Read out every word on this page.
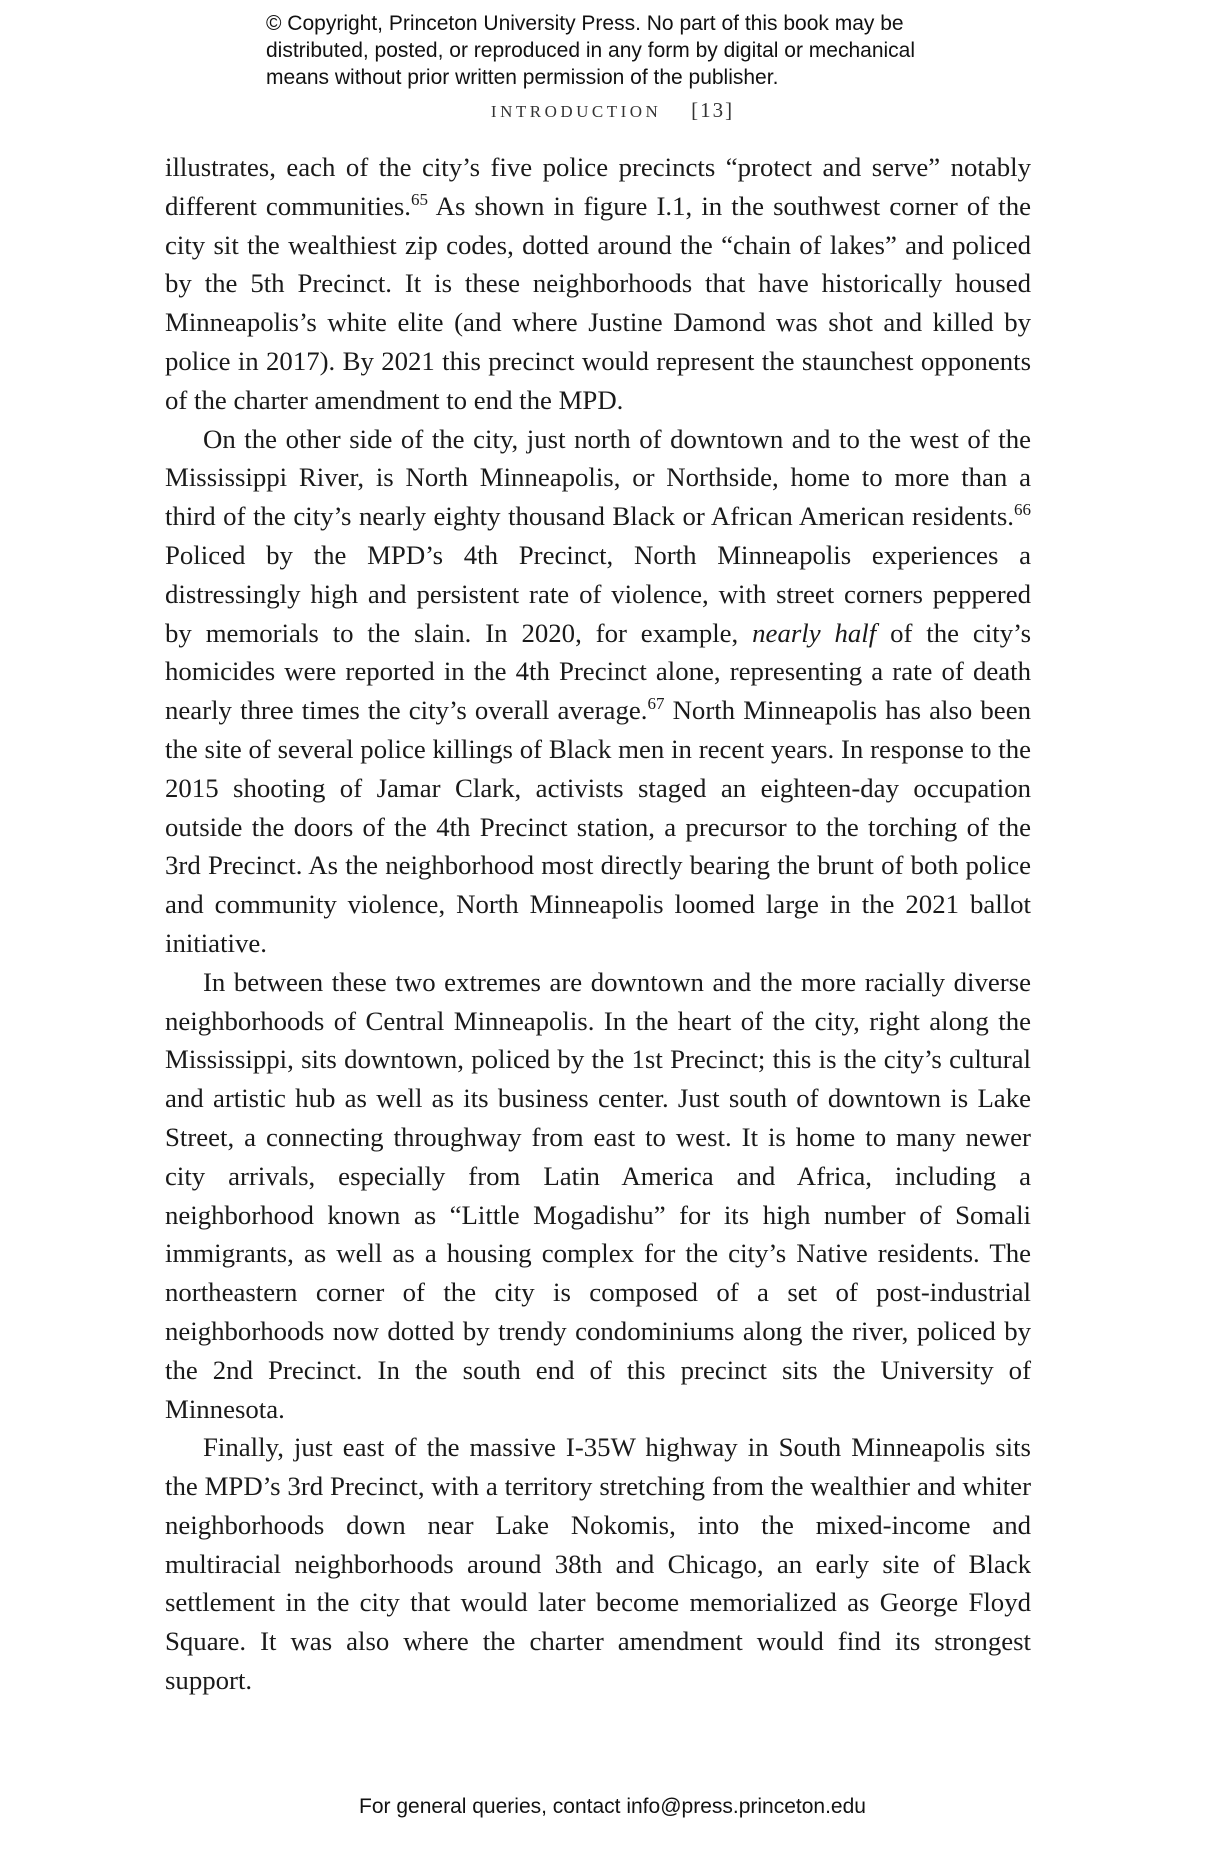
© Copyright, Princeton University Press. No part of this book may be
distributed, posted, or reproduced in any form by digital or mechanical
means without prior written permission of the publisher.
INTRODUCTION [13]

illustrates, each of the city’s five police precincts “protect and serve” notably different communities.$^{65}$ As shown in figure I.1, in the southwest corner of the city sit the wealthiest zip codes, dotted around the “chain of lakes” and policed by the 5th Precinct. It is these neighborhoods that have historically housed Minneapolis’s white elite (and where Justine Damond was shot and killed by police in 2017). By 2021 this precinct would represent the staunchest opponents of the charter amendment to end the MPD.

On the other side of the city, just north of downtown and to the west of the Mississippi River, is North Minneapolis, or Northside, home to more than a third of the city’s nearly eighty thousand Black or African American residents.$^{66}$ Policed by the MPD’s 4th Precinct, North Minneapolis experiences a distressingly high and persistent rate of violence, with street corners peppered by memorials to the slain. In 2020, for example, nearly half of the city’s homicides were reported in the 4th Precinct alone, representing a rate of death nearly three times the city’s overall average.$^{67}$ North Minneapolis has also been the site of several police killings of Black men in recent years. In response to the 2015 shooting of Jamar Clark, activists staged an eighteen-day occupation outside the doors of the 4th Precinct station, a precursor to the torching of the 3rd Precinct. As the neighborhood most directly bearing the brunt of both police and community violence, North Minneapolis loomed large in the 2021 ballot initiative.

In between these two extremes are downtown and the more racially diverse neighborhoods of Central Minneapolis. In the heart of the city, right along the Mississippi, sits downtown, policed by the 1st Precinct; this is the city’s cultural and artistic hub as well as its business center. Just south of downtown is Lake Street, a connecting throughway from east to west. It is home to many newer city arrivals, especially from Latin America and Africa, including a neighborhood known as “Little Mogadishu” for its high number of Somali immigrants, as well as a housing complex for the city’s Native residents. The northeastern corner of the city is composed of a set of post-industrial neighborhoods now dotted by trendy condominiums along the river, policed by the 2nd Precinct. In the south end of this precinct sits the University of Minnesota.

Finally, just east of the massive I-35W highway in South Minneapolis sits the MPD’s 3rd Precinct, with a territory stretching from the wealthier and whiter neighborhoods down near Lake Nokomis, into the mixed-income and multiracial neighborhoods around 38th and Chicago, an early site of Black settlement in the city that would later become memorialized as George Floyd Square. It was also where the charter amendment would find its strongest support.

For general queries, contact info@press.princeton.edu
